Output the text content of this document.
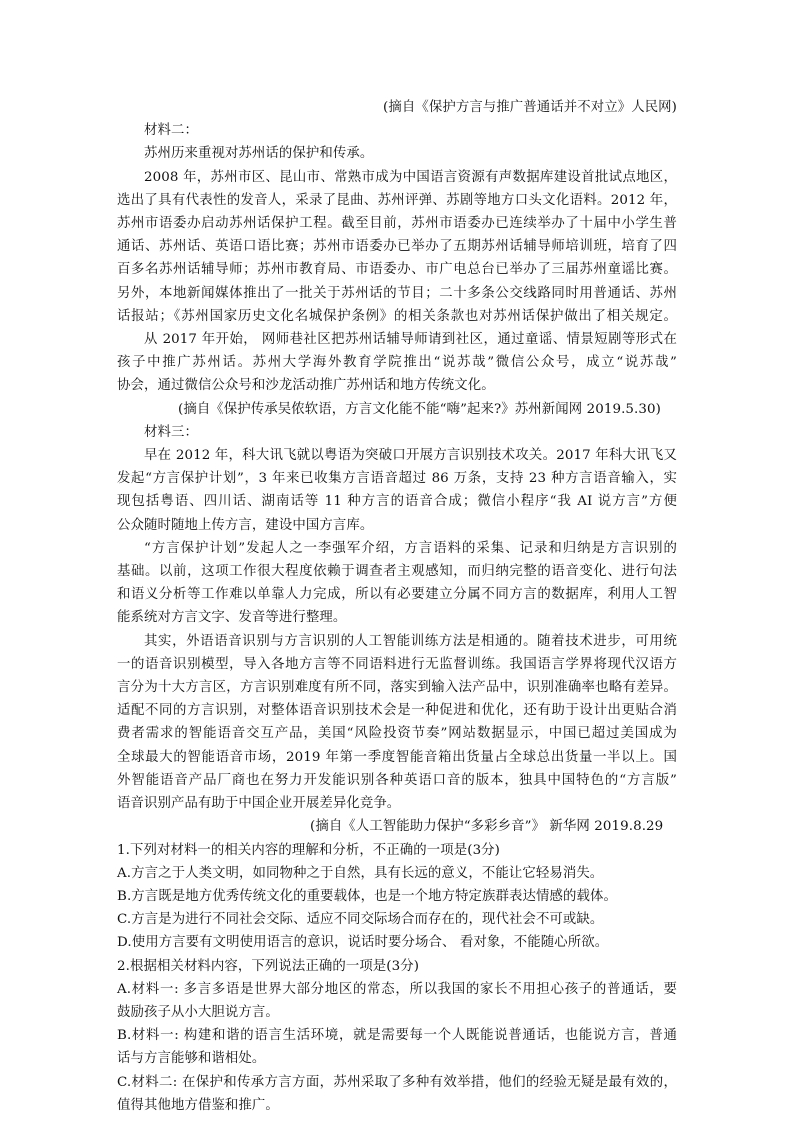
(摘自《保护方言与推广普通话并不对立》人民网)
材料二：
苏州历来重视对苏州话的保护和传承。
2008 年，苏州市区、昆山市、常熟市成为中国语言资源有声数据库建设首批试点地区，
选出了具有代表性的发音人，采录了昆曲、苏州评弹、苏剧等地方口头文化语料。2012 年，
苏州市语委办启动苏州话保护工程。截至目前，苏州市语委办已连续举办了十届中小学生普
通话、苏州话、英语口语比赛；苏州市语委办已举办了五期苏州话辅导师培训班，培育了四
百多名苏州话辅导师；苏州市教育局、市语委办、市广电总台已举办了三届苏州童谣比赛。
另外，本地新闻媒体推出了一批关于苏州话的节目；二十多条公交线路同时用普通话、苏州
话报站；《苏州国家历史文化名城保护条例》的相关条款也对苏州话保护做出了相关规定。
从 2017 年开始， 网师巷社区把苏州话辅导师请到社区，通过童谣、情景短剧等形式在
孩子中推广苏州话。苏州大学海外教育学院推出“说苏哉”微信公众号，成立“说苏哉”
协会，通过微信公众号和沙龙活动推广苏州话和地方传统文化。
(摘自《保护传承吴侬软语，方言文化能不能“嗨”起来?》苏州新闻网 2019.5.30)
材料三：
早在 2012 年，科大讯飞就以粤语为突破口开展方言识别技术攻关。2017 年科大讯飞又
发起“方言保护计划”，3 年来已收集方言语音超过 86 万条，支持 23 种方言语音输入，实
现包括粤语、四川话、湖南话等 11 种方言的语音合成；微信小程序“我 AI 说方言”方便
公众随时随地上传方言，建设中国方言库。
“方言保护计划”发起人之一李强军介绍，方言语料的采集、记录和归纳是方言识别的
基础。以前，这项工作很大程度依赖于调查者主观感知，而归纳完整的语音变化、进行句法
和语义分析等工作难以单靠人力完成，所以有必要建立分属不同方言的数据库，利用人工智
能系统对方言文字、发音等进行整理。
其实，外语语音识别与方言识别的人工智能训练方法是相通的。随着技术进步，可用统
一的语音识别模型，导入各地方言等不同语料进行无监督训练。我国语言学界将现代汉语方
言分为十大方言区，方言识别难度有所不同，落实到输入法产品中，识别准确率也略有差异。
适配不同的方言识别，对整体语音识别技术会是一种促进和优化，还有助于设计出更贴合消
费者需求的智能语音交互产品，美国“风险投资节奏”网站数据显示，中国已超过美国成为
全球最大的智能语音市场，2019 年第一季度智能音箱出货量占全球总出货量一半以上。国
外智能语音产品厂商也在努力开发能识别各种英语口音的版本，独具中国特色的“方言版”
语音识别产品有助于中国企业开展差异化竞争。
(摘自《人工智能助力保护“多彩乡音”》 新华网 2019.8.29
1.下列对材料一的相关内容的理解和分析，不正确的一项是(3分)
A.方言之于人类文明，如同物种之于自然，具有长远的意义，不能让它轻易消失。
B.方言既是地方优秀传统文化的重要载体，也是一个地方特定族群表达情感的载体。
C.方言是为进行不同社会交际、适应不同交际场合而存在的，现代社会不可或缺。
D.使用方言要有文明使用语言的意识，说话时要分场合、 看对象，不能随心所欲。
2.根据相关材料内容，下列说法正确的一项是(3分)
A.材料一: 多言多语是世界大部分地区的常态，所以我国的家长不用担心孩子的普通话，要
鼓励孩子从小大胆说方言。
B.材料一: 构建和谐的语言生活环境，就是需要每一个人既能说普通话，也能说方言，普通
话与方言能够和谐相处。
C.材料二: 在保护和传承方言方面，苏州采取了多种有效举措，他们的经验无疑是最有效的，
值得其他地方借鉴和推广。
